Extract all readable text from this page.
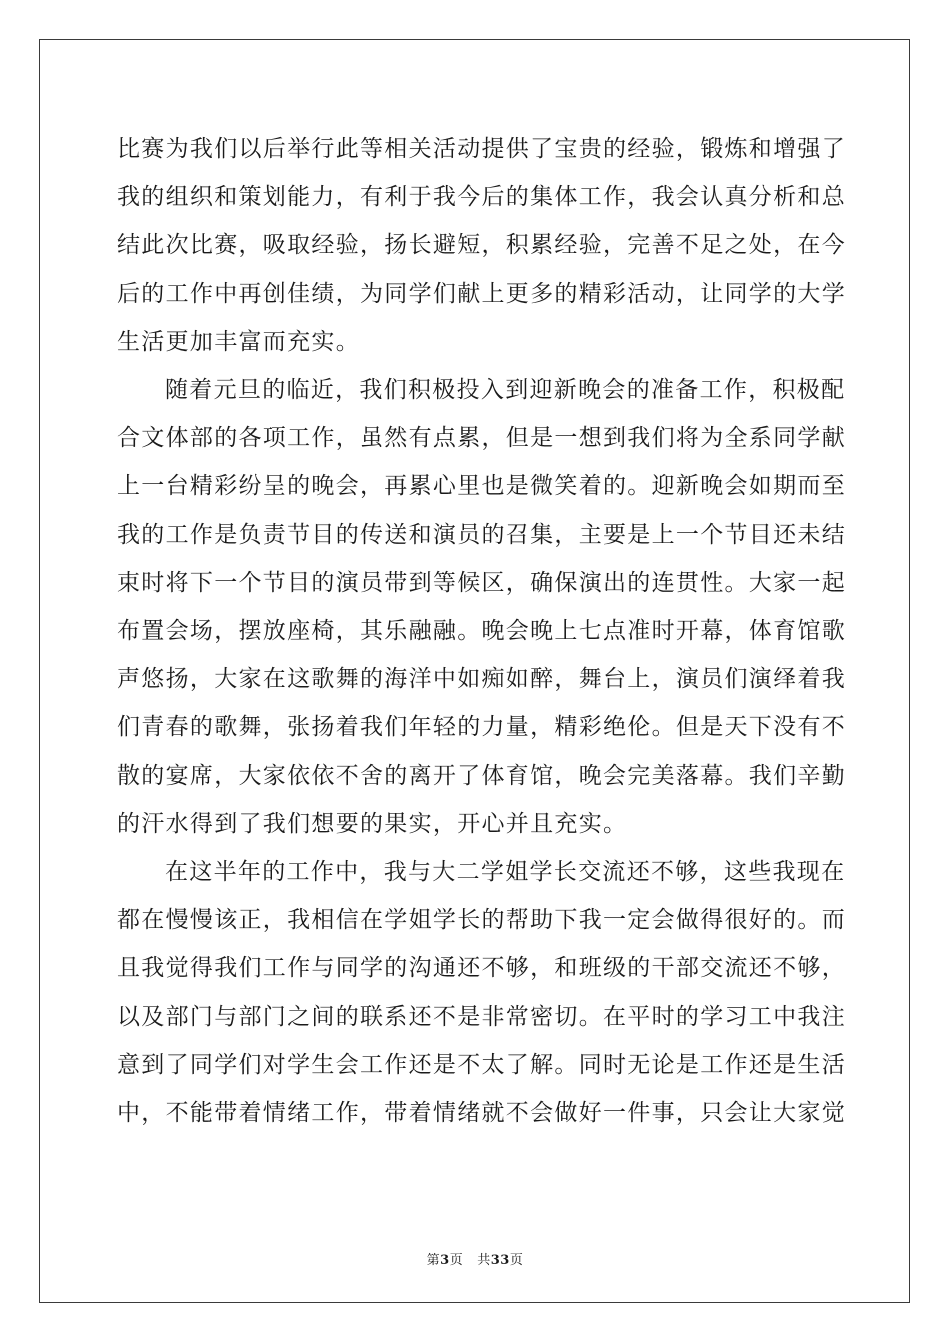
比赛为我们以后举行此等相关活动提供了宝贵的经验，锻炼和增强了
我的组织和策划能力，有利于我今后的集体工作，我会认真分析和总
结此次比赛，吸取经验，扬长避短，积累经验，完善不足之处，在今
后的工作中再创佳绩，为同学们献上更多的精彩活动，让同学的大学
生活更加丰富而充实。

随着元旦的临近，我们积极投入到迎新晚会的准备工作，积极配
合文体部的各项工作，虽然有点累，但是一想到我们将为全系同学献
上一台精彩纷呈的晚会，再累心里也是微笑着的。迎新晚会如期而至
我的工作是负责节目的传送和演员的召集，主要是上一个节目还未结
束时将下一个节目的演员带到等候区，确保演出的连贯性。大家一起
布置会场，摆放座椅，其乐融融。晚会晚上七点准时开幕，体育馆歌
声悠扬，大家在这歌舞的海洋中如痴如醉，舞台上，演员们演绎着我
们青春的歌舞，张扬着我们年轻的力量，精彩绝伦。但是天下没有不
散的宴席，大家依依不舍的离开了体育馆，晚会完美落幕。我们辛勤
的汗水得到了我们想要的果实，开心并且充实。

在这半年的工作中，我与大二学姐学长交流还不够，这些我现在
都在慢慢该正，我相信在学姐学长的帮助下我一定会做得很好的。而
且我觉得我们工作与同学的沟通还不够，和班级的干部交流还不够，
以及部门与部门之间的联系还不是非常密切。在平时的学习工中我注
意到了同学们对学生会工作还是不太了解。同时无论是工作还是生活
中，不能带着情绪工作，带着情绪就不会做好一件事，只会让大家觉

第3页 共33页
